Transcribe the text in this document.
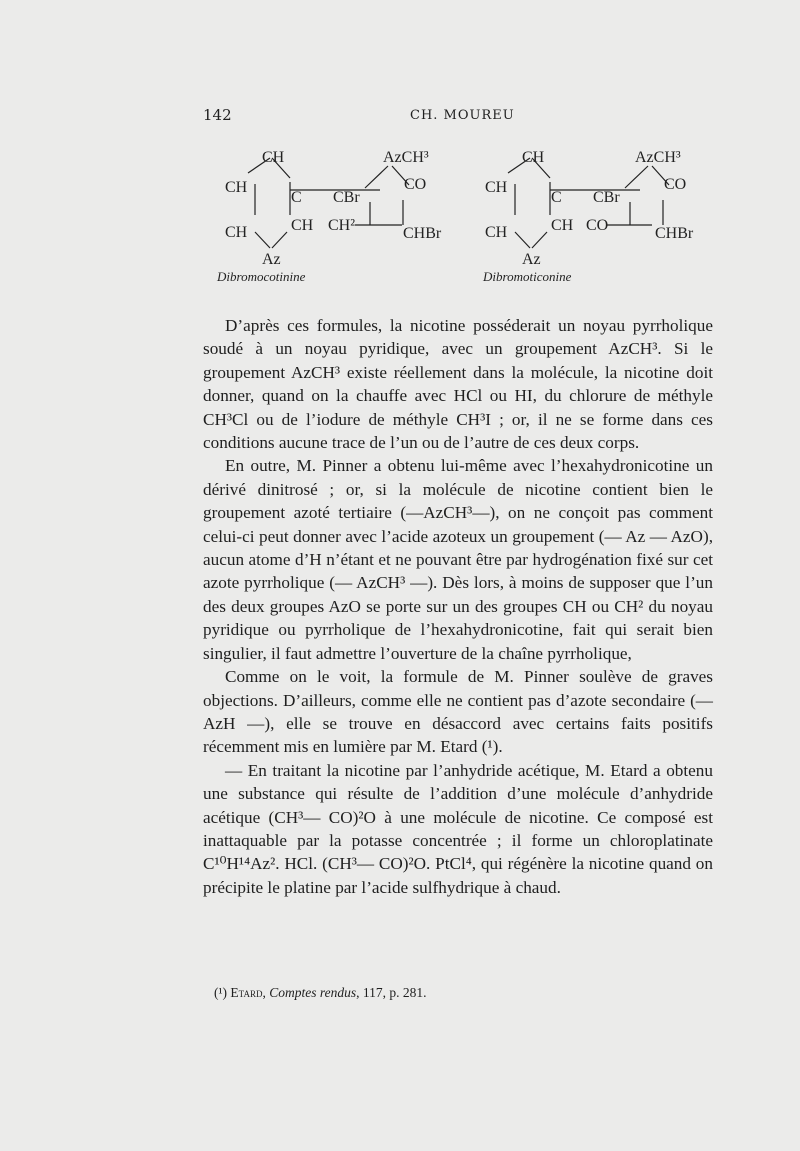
142	CH. MOUREU
CH
CH
CH
C
CH
Az
CBr
CH²
AzCH³
CO
CHBr
Dibromocotinine
CH
CH
CH
C
CH
Az
CBr
CO
AzCH³
CO
CHBr
Dibromoticonine

D’après ces formules, la nicotine posséderait un noyau pyrrholique soudé à un noyau pyridique, avec un groupement AzCH³. Si le groupement AzCH³ existe réellement dans la molécule, la nicotine doit donner, quand on la chauffe avec HCl ou HI, du chlorure de méthyle CH³Cl ou de l’iodure de méthyle CH³I ; or, il ne se forme dans ces conditions aucune trace de l’un ou de l’autre de ces deux corps.

En outre, M. Pinner a obtenu lui-même avec l’hexahydronicotine un dérivé dinitrosé ; or, si la molécule de nicotine contient bien le groupement azoté tertiaire (—AzCH³—), on ne conçoit pas comment celui-ci peut donner avec l’acide azoteux un groupement (— Az — AzO), aucun atome d’H n’étant et ne pouvant être par hydrogénation fixé sur cet azote pyrrholique (— AzCH³ —). Dès lors, à moins de supposer que l’un des deux groupes AzO se porte sur un des groupes CH ou CH² du noyau pyridique ou pyrrholique de l’hexahydronicotine, fait qui serait bien singulier, il faut admettre l’ouverture de la chaîne pyrrholique,

Comme on le voit, la formule de M. Pinner soulève de graves objections. D’ailleurs, comme elle ne contient pas d’azote secondaire (—AzH —), elle se trouve en désaccord avec certains faits positifs récemment mis en lumière par M. Etard (¹).

— En traitant la nicotine par l’anhydride acétique, M. Etard a obtenu une substance qui résulte de l’addition d’une molécule d’anhydride acétique (CH³— CO)²O à une molécule de nicotine. Ce composé est inattaquable par la potasse concentrée ; il forme un chloroplatinate C¹⁰H¹⁴Az². HCl. (CH³— CO)²O. PtCl⁴, qui régénère la nicotine quand on précipite le platine par l’acide sulfhydrique à chaud.

(¹) Etard, Comptes rendus, 117, p. 281.
